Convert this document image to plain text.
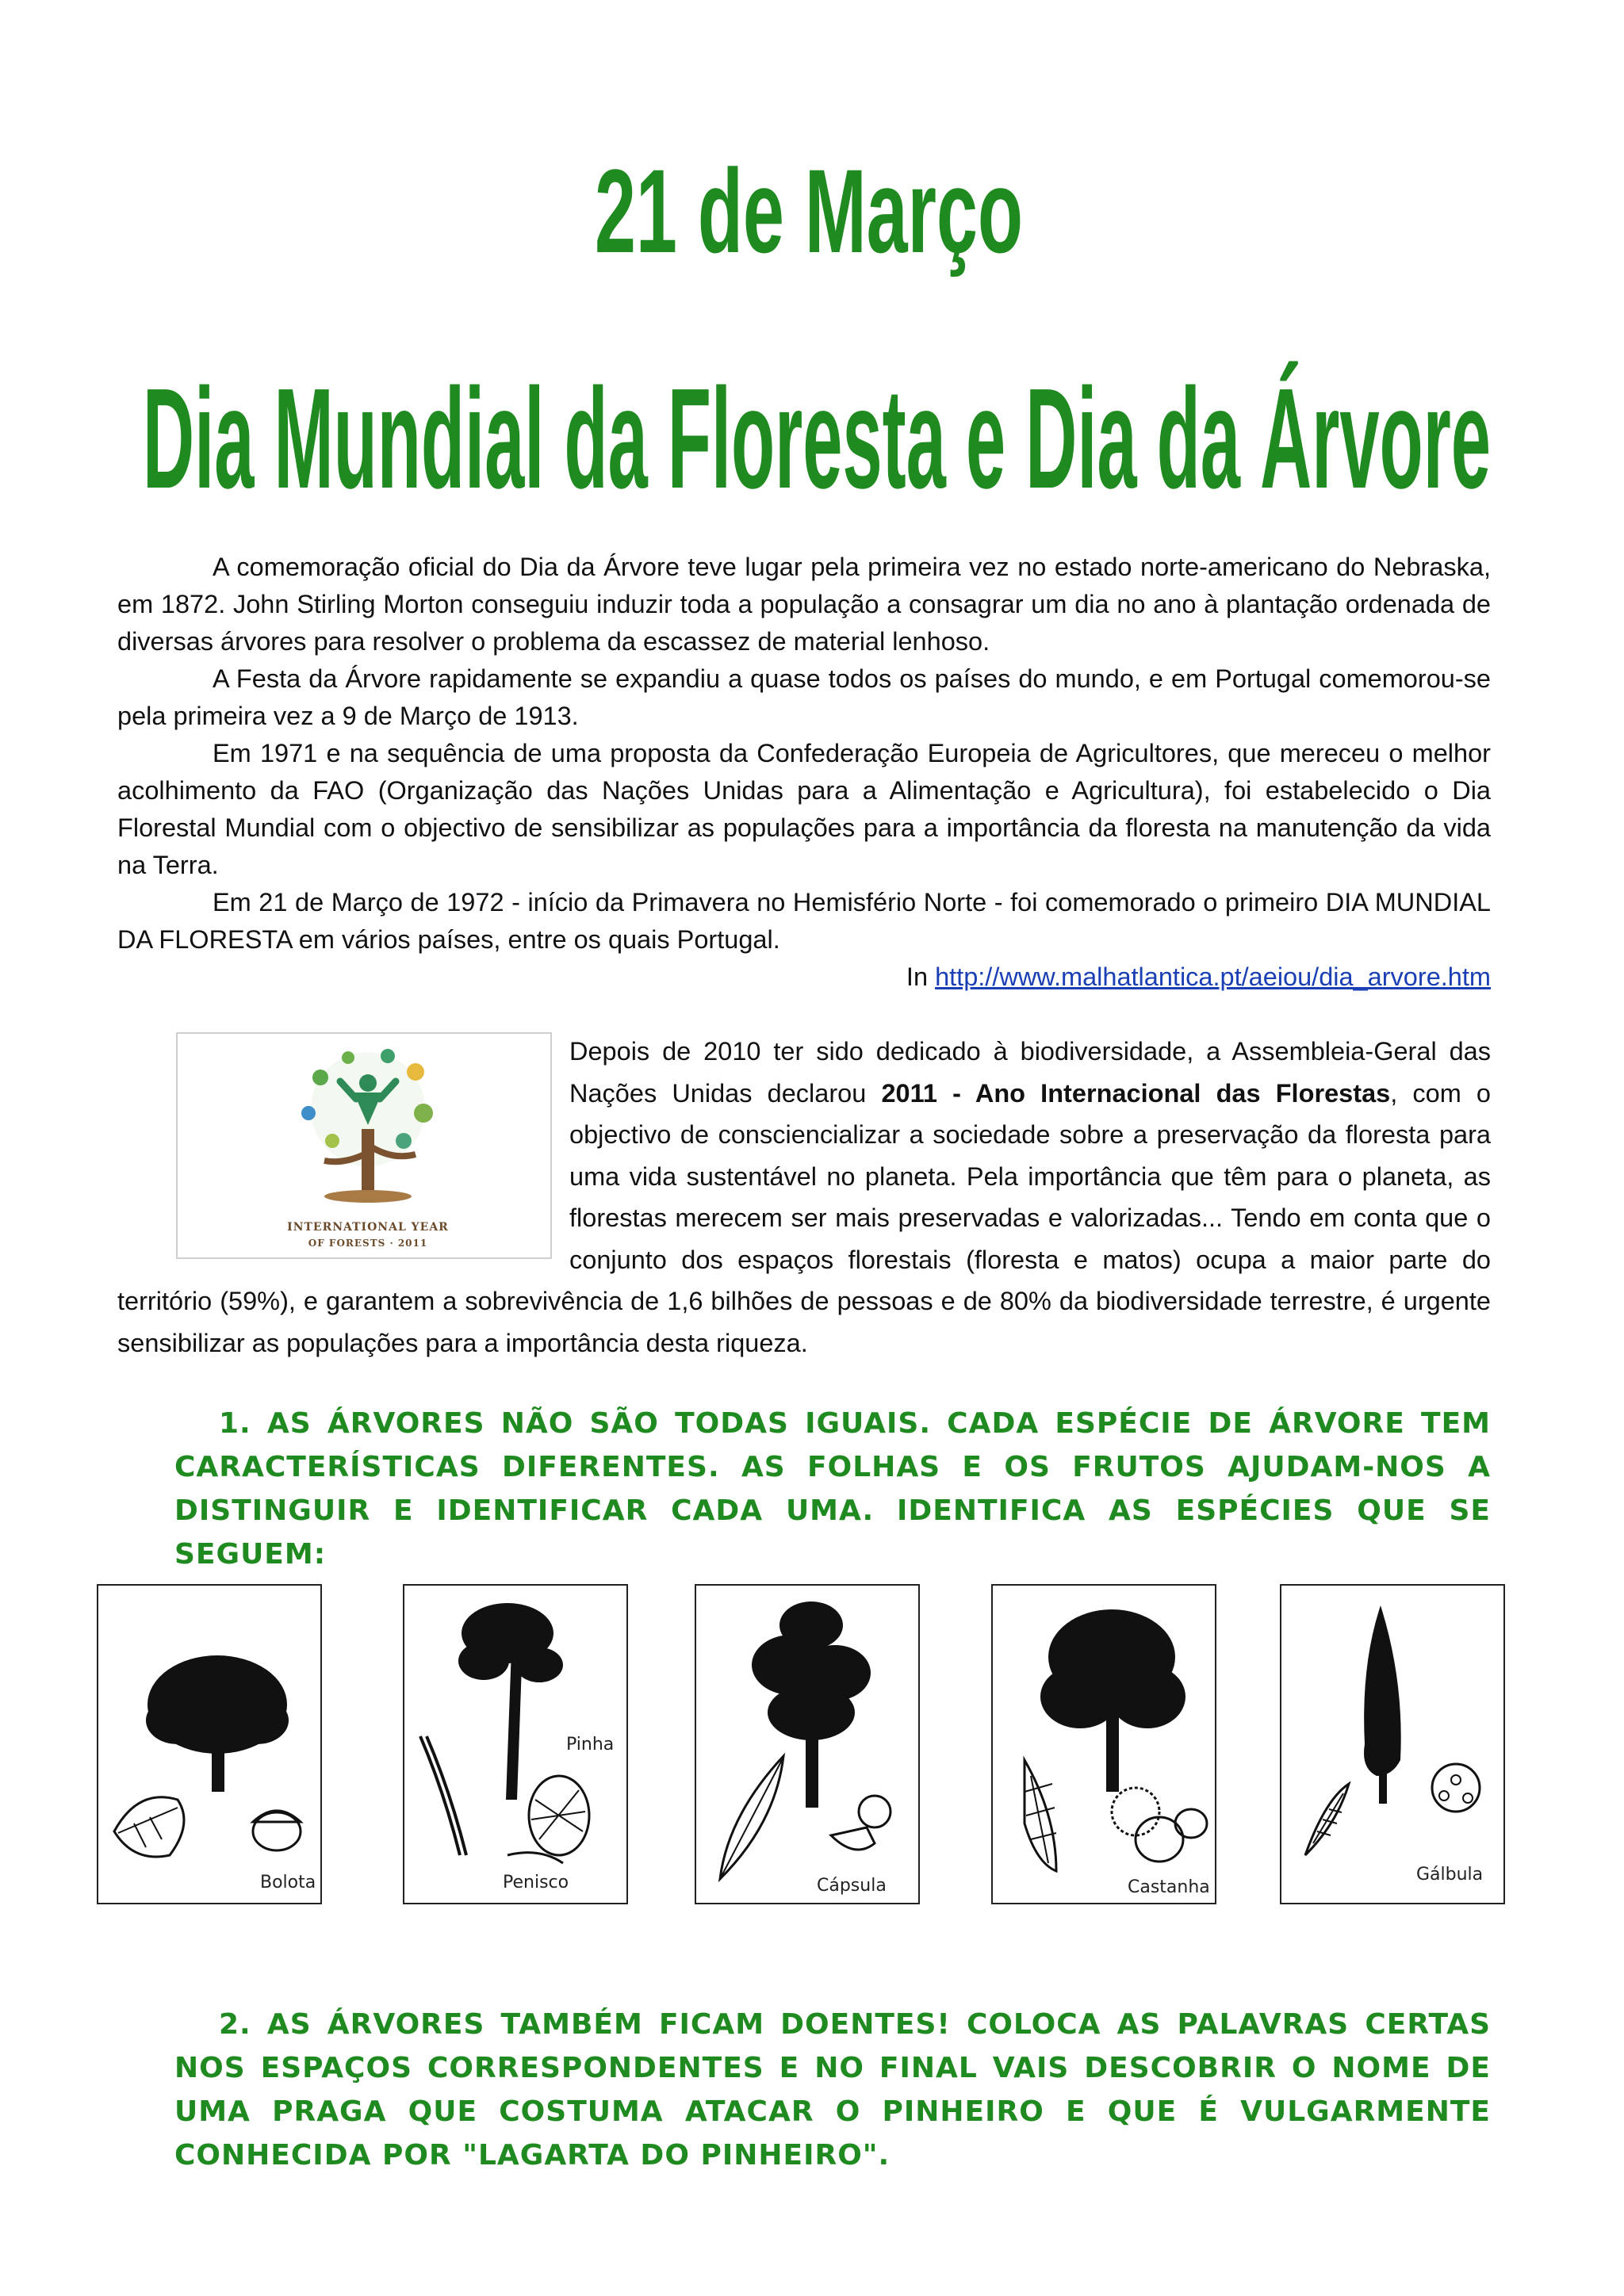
21 de Março
Dia Mundial da Floresta e Dia da Árvore

A comemoração oficial do Dia da Árvore teve lugar pela primeira vez no estado norte-americano do Nebraska, em 1872. John Stirling Morton conseguiu induzir toda a população a consagrar um dia no ano à plantação ordenada de diversas árvores para resolver o problema da escassez de material lenhoso.

A Festa da Árvore rapidamente se expandiu a quase todos os países do mundo, e em Portugal comemorou-se pela primeira vez a 9 de Março de 1913.

Em 1971 e na sequência de uma proposta da Confederação Europeia de Agricultores, que mereceu o melhor acolhimento da FAO (Organização das Nações Unidas para a Alimentação e Agricultura), foi estabelecido o Dia Florestal Mundial com o objectivo de sensibilizar as populações para a importância da floresta na manutenção da vida na Terra.

Em 21 de Março de 1972 - início da Primavera no Hemisfério Norte - foi comemorado o primeiro DIA MUNDIAL DA FLORESTA em vários países, entre os quais Portugal.

In http://www.malhatlantica.pt/aeiou/dia_arvore.htm

Depois de 2010 ter sido dedicado à biodiversidade, a Assembleia-Geral das Nações Unidas declarou 2011 - Ano Internacional das Florestas, com o objectivo de consciencializar a sociedade sobre a preservação da floresta para uma vida sustentável no planeta. Pela importância que têm para o planeta, as florestas merecem ser mais preservadas e valorizadas... Tendo em conta que o conjunto dos espaços florestais (floresta e matos) ocupa a maior parte do território (59%), e garantem a sobrevivência de 1,6 bilhões de pessoas e de 80% da biodiversidade terrestre, é urgente sensibilizar as populações para a importância desta riqueza.
INTERNATIONAL YEAR
OF FORESTS · 2011
1. AS ÁRVORES NÃO SÃO TODAS IGUAIS. CADA ESPÉCIE DE ÁRVORE TEM CARACTERÍSTICAS DIFERENTES. AS FOLHAS E OS FRUTOS AJUDAM-NOS A DISTINGUIR E IDENTIFICAR CADA UMA. IDENTIFICA AS ESPÉCIES QUE SE SEGUEM:
Bolota
Pinha
Penisco	Cápsula	Castanha
Gálbula
2. AS ÁRVORES TAMBÉM FICAM DOENTES! COLOCA AS PALAVRAS CERTAS NOS ESPAÇOS CORRESPONDENTES E NO FINAL VAIS DESCOBRIR O NOME DE UMA PRAGA QUE COSTUMA ATACAR O PINHEIRO E QUE É VULGARMENTE CONHECIDA POR "LAGARTA DO PINHEIRO".
